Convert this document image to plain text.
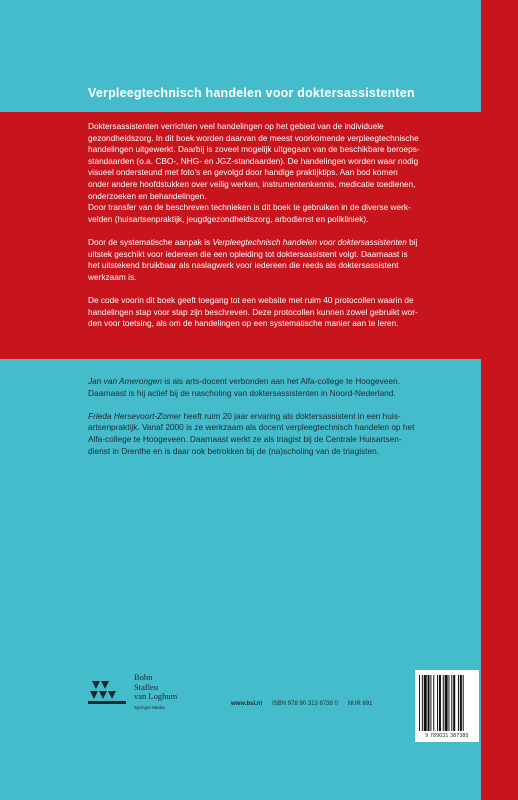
Verpleegtechnisch handelen voor doktersassistenten

Doktersassistenten verrichten veel handelingen op het gebied van de individuele
gezondheidszorg. In dit boek worden daarvan de meest voorkomende verpleegtechnische
handelingen uitgewerkt. Daarbij is zoveel mogelijk uitgegaan van de beschikbare beroeps-
standaarden (o.a. CBO-, NHG- en JGZ-standaarden). De handelingen worden waar nodig
visueel ondersteund met foto's en gevolgd door handige praktijktips. Aan bod komen
onder andere hoofdstukken over veilig werken, instrumentenkennis, medicatie toedienen,
onderzoeken en behandelingen.
Door transfer van de beschreven technieken is dit boek te gebruiken in de diverse werk-
velden (huisartsenpraktijk, jeugdgezondheidszorg, arbodienst en polikliniek).

Door de systematische aanpak is Verpleegtechnisch handelen voor doktersassistenten bij
uitstek geschikt voor iedereen die een opleiding tot doktersassistent volgt. Daarnaast is
het uitstekend bruikbaar als naslagwerk voor iedereen die reeds als doktersassistent
werkzaam is.

De code voorin dit boek geeft toegang tot een website met ruim 40 protocollen waarin de
handelingen stap voor stap zijn beschreven. Deze protocollen kunnen zowel gebruikt wor-
den voor toetsing, als om de handelingen op een systematische manier aan te leren.

Jan van Amerongen is als arts-docent verbonden aan het Alfa-college te Hoogeveen.
Daarnaast is hij actief bij de nascholing van doktersassistenten in Noord-Nederland.

Frieda Hersevoort-Zomer heeft ruim 20 jaar ervaring als doktersassistent in een huis-
artsenpraktijk. Vanaf 2000 is ze werkzaam als docent verpleegtechnisch handelen op het
Alfa-college te Hoogeveen. Daarnaast werkt ze als triagist bij de Centrale Huisartsen-
dienst in Drenthe en is daar ook betrokken bij de (na)scholing van de triagisten.

Bohn
Stafleu
van Loghum
Springer Media	www.bsl.nl ISBN 978 90 313 8738 0 NUR 891
9 789031 387380
